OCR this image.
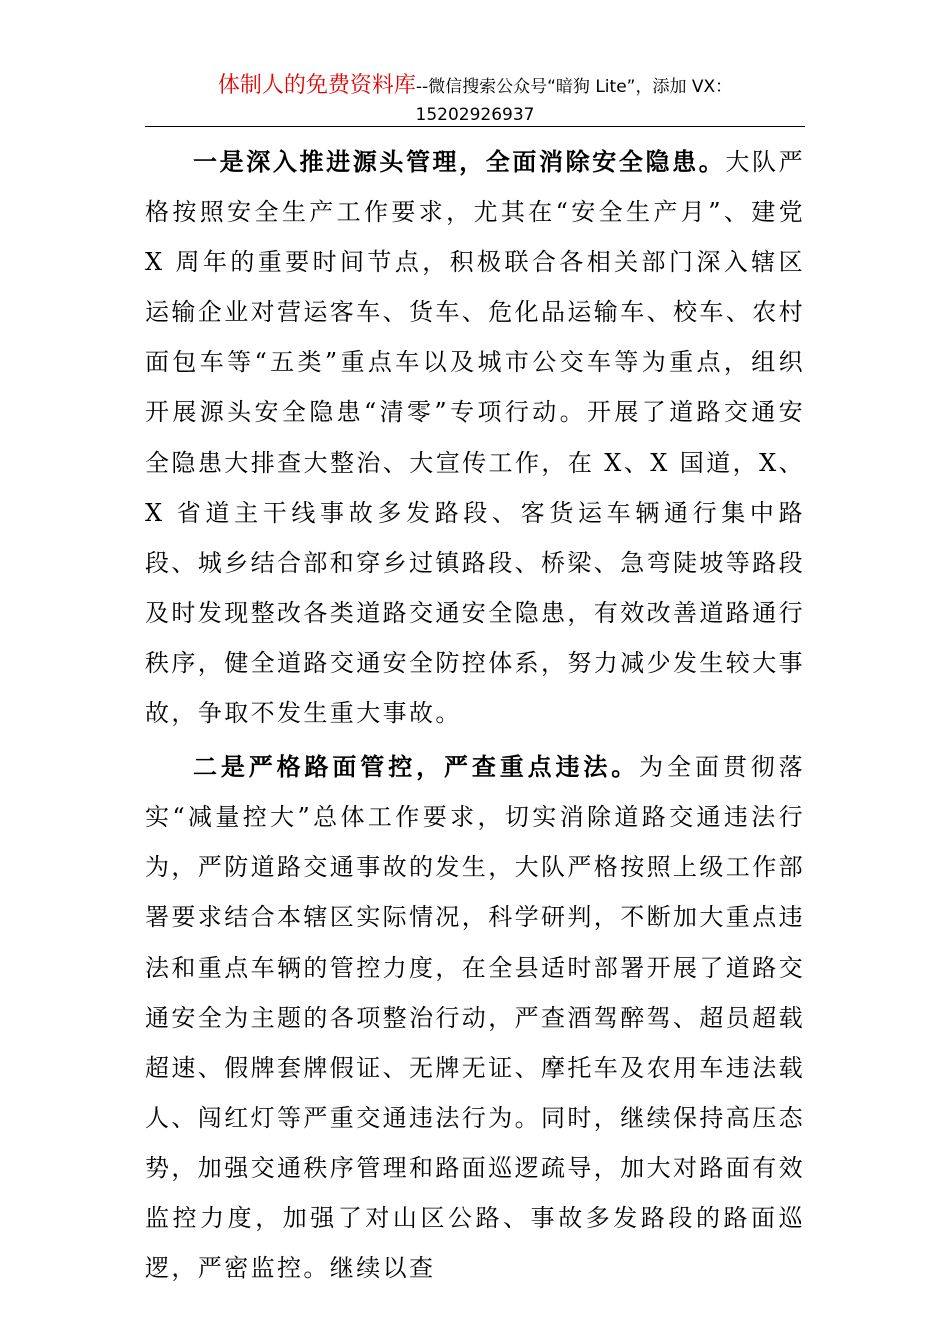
体制人的免费资料库--微信搜索公众号“暗狗 Lite”，添加 VX：
15202926937

一是深入推进源头管理，全面消除安全隐患。大队严格按照安全生产工作要求，尤其在“安全生产月”、建党 X 周年的重要时间节点，积极联合各相关部门深入辖区运输企业对营运客车、货车、危化品运输车、校车、农村面包车等“五类”重点车以及城市公交车等为重点，组织开展源头安全隐患“清零”专项行动。开展了道路交通安全隐患大排查大整治、大宣传工作，在 X、X 国道，X、X 省道主干线事故多发路段、客货运车辆通行集中路段、城乡结合部和穿乡过镇路段、桥梁、急弯陡坡等路段及时发现整改各类道路交通安全隐患，有效改善道路通行秩序，健全道路交通安全防控体系，努力减少发生较大事故，争取不发生重大事故。

二是严格路面管控，严查重点违法。为全面贯彻落实“减量控大”总体工作要求，切实消除道路交通违法行为，严防道路交通事故的发生，大队严格按照上级工作部署要求结合本辖区实际情况，科学研判，不断加大重点违法和重点车辆的管控力度，在全县适时部署开展了道路交通安全为主题的各项整治行动，严查酒驾醉驾、超员超载超速、假牌套牌假证、无牌无证、摩托车及农用车违法载人、闯红灯等严重交通违法行为。同时，继续保持高压态势，加强交通秩序管理和路面巡逻疏导，加大对路面有效监控力度，加强了对山区公路、事故多发路段的路面巡逻，严密监控。继续以查
